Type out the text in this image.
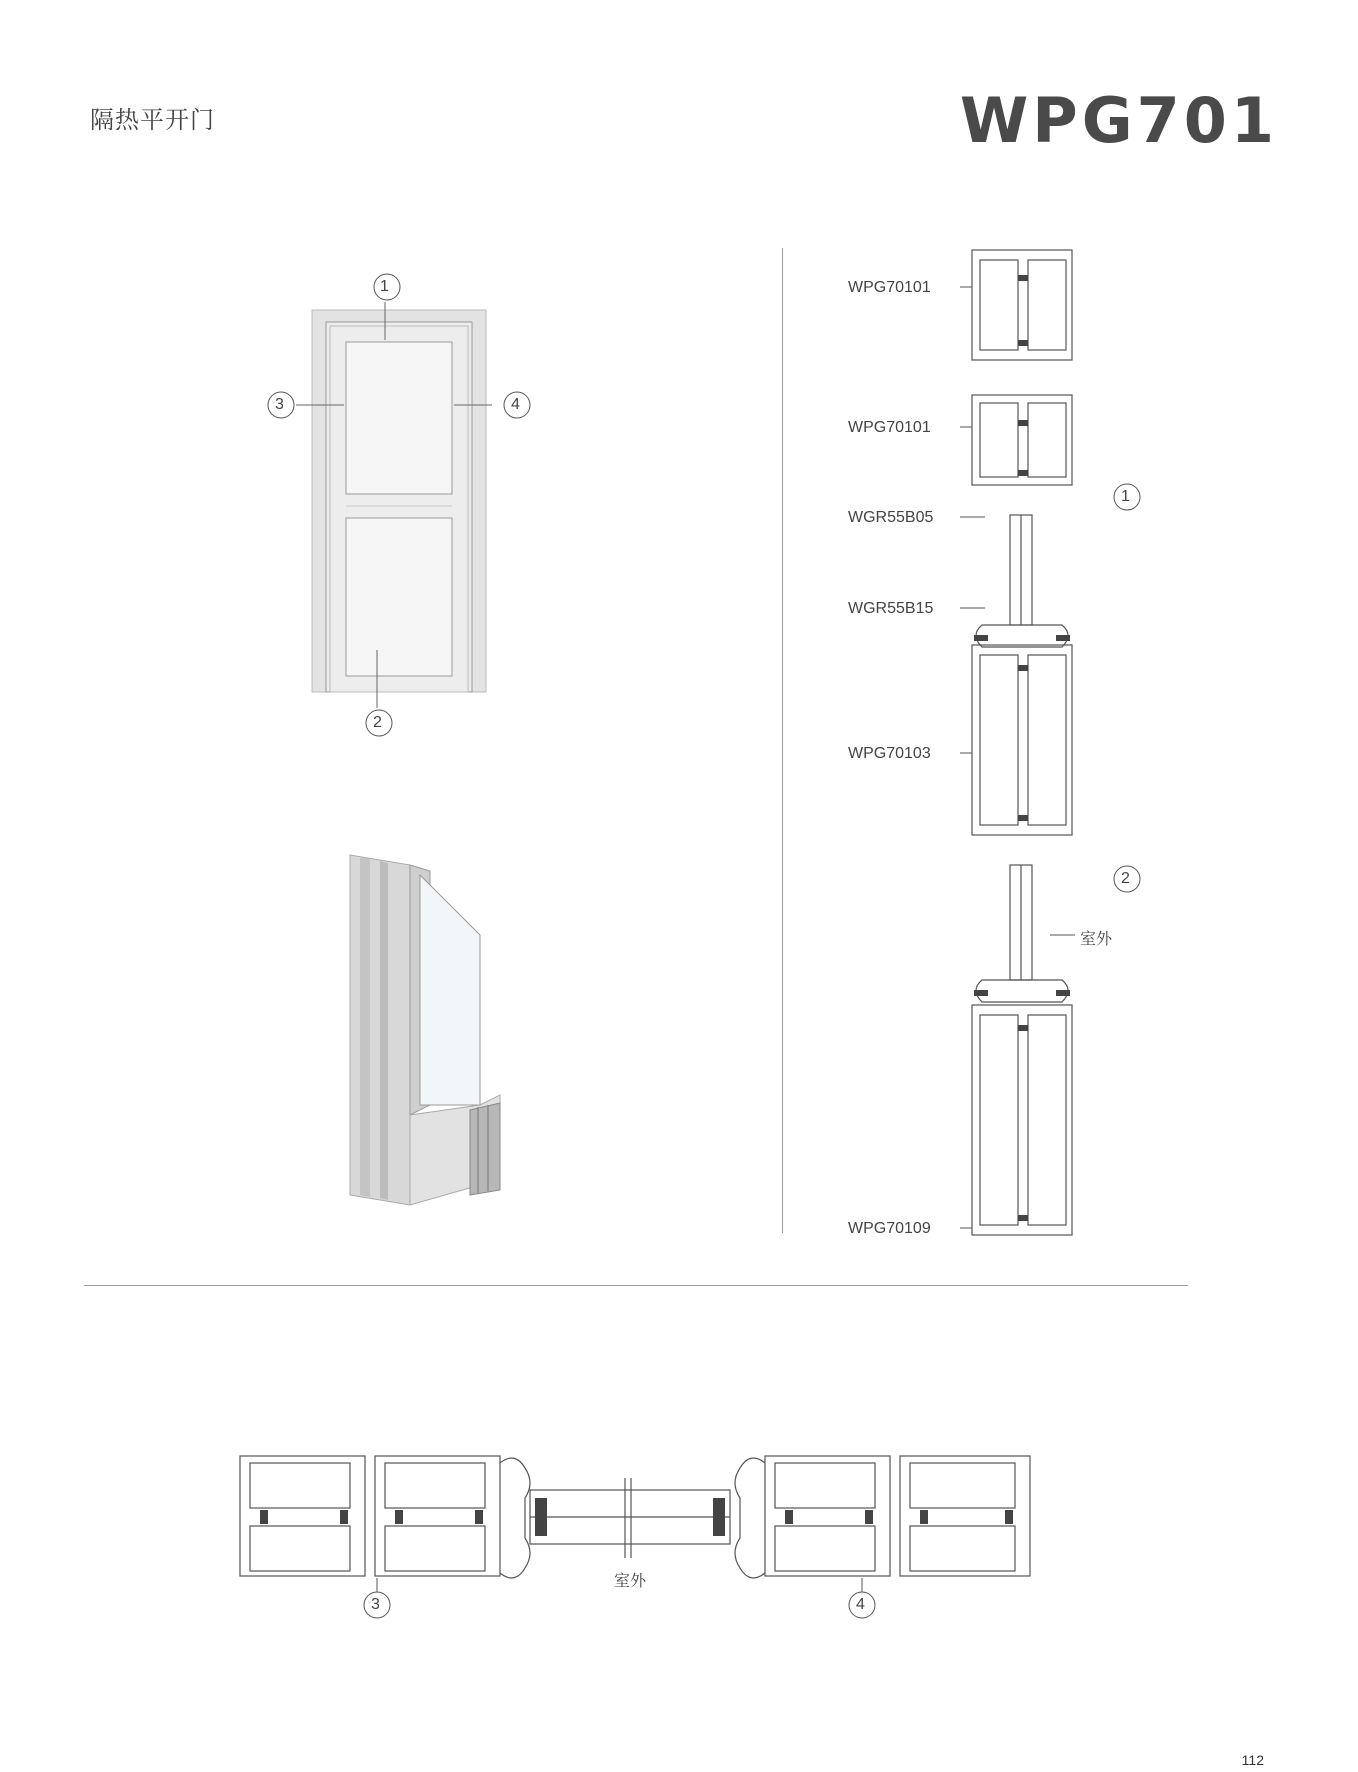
隔热平开门	WPG701
1
2
3	4
WPG70101
WPG70101
WGR55B05
WGR55B15
WPG70103
WPG70109
1
2
室外
3	4
室外
112
